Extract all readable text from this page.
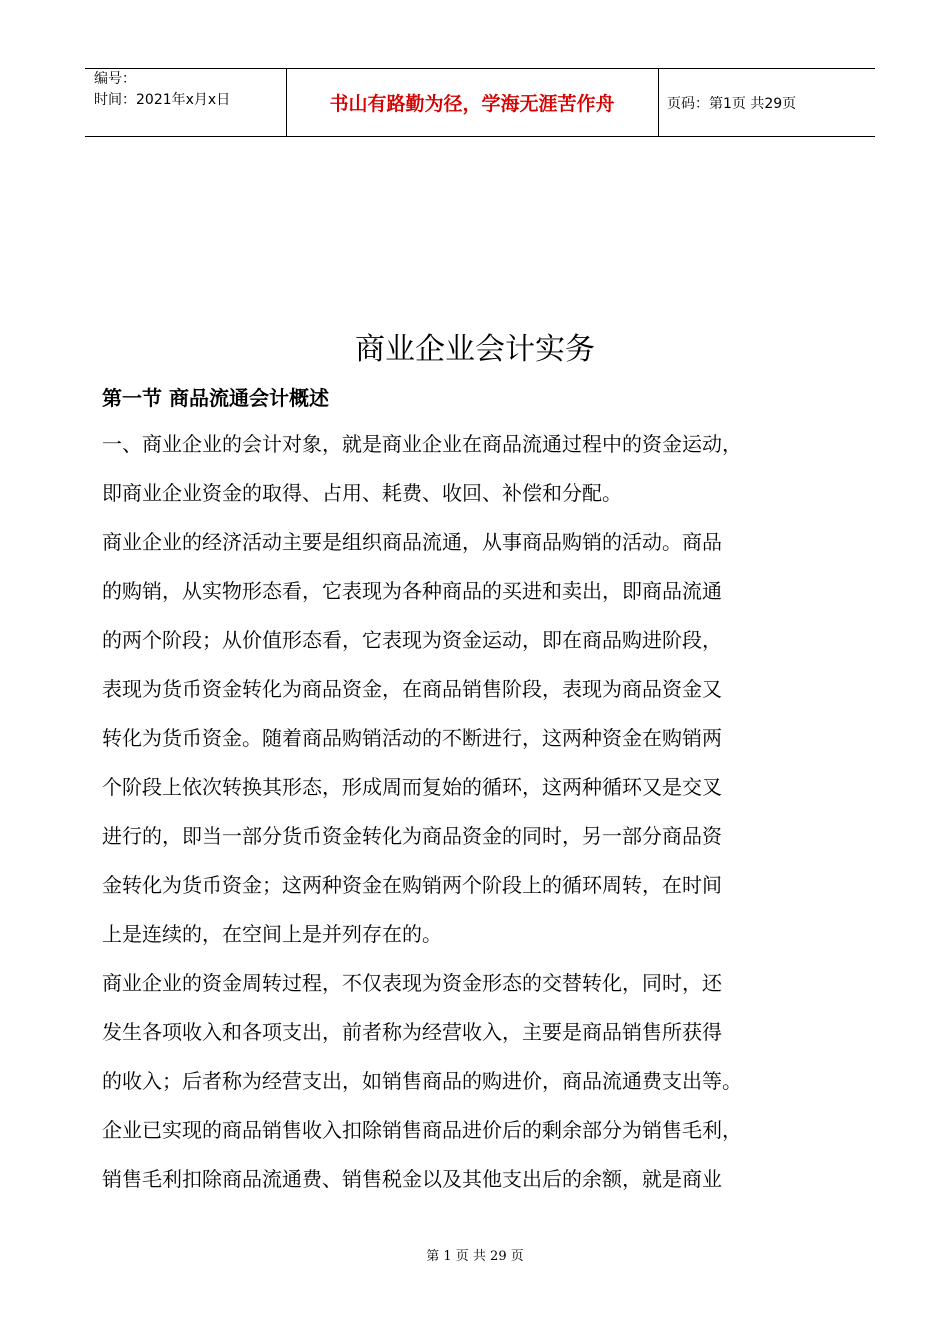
编号：
时间：2021年x月x日	书山有路勤为径，学海无涯苦作舟	页码：第1页 共29页
商业企业会计实务
第一节 商品流通会计概述
一、商业企业的会计对象，就是商业企业在商品流通过程中的资金运动，
即商业企业资金的取得、占用、耗费、收回、补偿和分配。
商业企业的经济活动主要是组织商品流通，从事商品购销的活动。商品
的购销，从实物形态看，它表现为各种商品的买进和卖出，即商品流通
的两个阶段；从价值形态看，它表现为资金运动，即在商品购进阶段，
表现为货币资金转化为商品资金，在商品销售阶段，表现为商品资金又
转化为货币资金。随着商品购销活动的不断进行，这两种资金在购销两
个阶段上依次转换其形态，形成周而复始的循环，这两种循环又是交叉
进行的，即当一部分货币资金转化为商品资金的同时，另一部分商品资
金转化为货币资金；这两种资金在购销两个阶段上的循环周转，在时间
上是连续的，在空间上是并列存在的。
商业企业的资金周转过程，不仅表现为资金形态的交替转化，同时，还
发生各项收入和各项支出，前者称为经营收入，主要是商品销售所获得
的收入；后者称为经营支出，如销售商品的购进价，商品流通费支出等。
企业已实现的商品销售收入扣除销售商品进价后的剩余部分为销售毛利，
销售毛利扣除商品流通费、销售税金以及其他支出后的余额，就是商业
第 1 页 共 29 页
